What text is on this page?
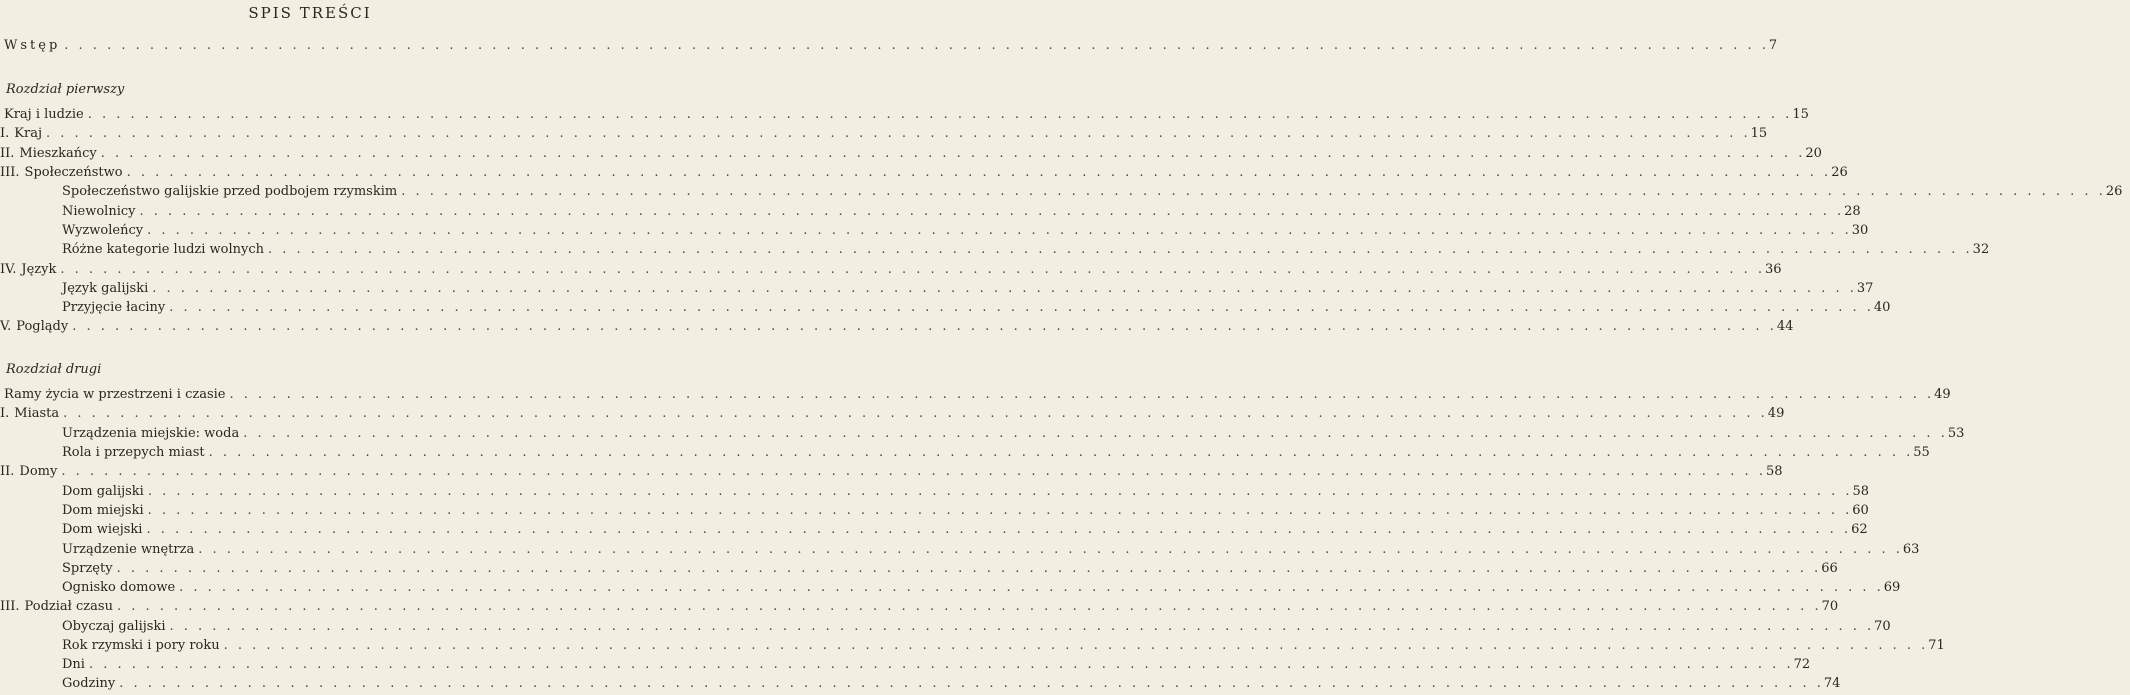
SPIS TREŚCI
Wstęp . . . . . . . . . . . . . . . . . . . . . . . . . . . . . . . . . . . . . . . . . . . . . . . . . . . . . . . . . . . . . . . . . . . . . . . . . . . . . . . . . . . . . . . . . . . . . . . . . . . . . . . . . . . . . . . . . . . . . . . . 7
Rozdział pierwszy
Kraj i ludzie . . . . . . . . . . . . . . . . . . . . . . . . . . . . . . . . . . . . . . . . . . . . . . . . . . . . . . . . . . . . . . . . . . . . . . . . . . . . . . . . . . . . . . . . . . . . . . . . . . . . . . . . . . . . . . . . . . . . . . . . 15
I. Kraj . . . . . . . . . . . . . . . . . . . . . . . . . . . . . . . . . . . . . . . . . . . . . . . . . . . . . . . . . . . . . . . . . . . . . . . . . . . . . . . . . . . . . . . . . . . . . . . . . . . . . . . . . . . . . . . . . . . . . . . . 15
II. Mieszkańcy . . . . . . . . . . . . . . . . . . . . . . . . . . . . . . . . . . . . . . . . . . . . . . . . . . . . . . . . . . . . . . . . . . . . . . . . . . . . . . . . . . . . . . . . . . . . . . . . . . . . . . . . . . . . . . . . . . . . . . . . 20
III. Społeczeństwo . . . . . . . . . . . . . . . . . . . . . . . . . . . . . . . . . . . . . . . . . . . . . . . . . . . . . . . . . . . . . . . . . . . . . . . . . . . . . . . . . . . . . . . . . . . . . . . . . . . . . . . . . . . . . . . . . . . . . . . . 26
Społeczeństwo galijskie przed podbojem rzymskim . . . . . . . . . . . . . . . . . . . . . . . . . . . . . . . . . . . . . . . . . . . . . . . . . . . . . . . . . . . . . . . . . . . . . . . . . . . . . . . . . . . . . . . . . . . . . . . . . . . . . . . . . . . . . . . . . . . . . . . . 26
Niewolnicy . . . . . . . . . . . . . . . . . . . . . . . . . . . . . . . . . . . . . . . . . . . . . . . . . . . . . . . . . . . . . . . . . . . . . . . . . . . . . . . . . . . . . . . . . . . . . . . . . . . . . . . . . . . . . . . . . . . . . . . . 28
Wyzwoleńcy . . . . . . . . . . . . . . . . . . . . . . . . . . . . . . . . . . . . . . . . . . . . . . . . . . . . . . . . . . . . . . . . . . . . . . . . . . . . . . . . . . . . . . . . . . . . . . . . . . . . . . . . . . . . . . . . . . . . . . . . 30
Różne kategorie ludzi wolnych . . . . . . . . . . . . . . . . . . . . . . . . . . . . . . . . . . . . . . . . . . . . . . . . . . . . . . . . . . . . . . . . . . . . . . . . . . . . . . . . . . . . . . . . . . . . . . . . . . . . . . . . . . . . . . . . . . . . . . . . 32
IV. Język . . . . . . . . . . . . . . . . . . . . . . . . . . . . . . . . . . . . . . . . . . . . . . . . . . . . . . . . . . . . . . . . . . . . . . . . . . . . . . . . . . . . . . . . . . . . . . . . . . . . . . . . . . . . . . . . . . . . . . . . 36
Język galijski . . . . . . . . . . . . . . . . . . . . . . . . . . . . . . . . . . . . . . . . . . . . . . . . . . . . . . . . . . . . . . . . . . . . . . . . . . . . . . . . . . . . . . . . . . . . . . . . . . . . . . . . . . . . . . . . . . . . . . . . 37
Przyjęcie łaciny . . . . . . . . . . . . . . . . . . . . . . . . . . . . . . . . . . . . . . . . . . . . . . . . . . . . . . . . . . . . . . . . . . . . . . . . . . . . . . . . . . . . . . . . . . . . . . . . . . . . . . . . . . . . . . . . . . . . . . . . 40
V. Poglądy . . . . . . . . . . . . . . . . . . . . . . . . . . . . . . . . . . . . . . . . . . . . . . . . . . . . . . . . . . . . . . . . . . . . . . . . . . . . . . . . . . . . . . . . . . . . . . . . . . . . . . . . . . . . . . . . . . . . . . . . 44
Rozdział drugi
Ramy życia w przestrzeni i czasie . . . . . . . . . . . . . . . . . . . . . . . . . . . . . . . . . . . . . . . . . . . . . . . . . . . . . . . . . . . . . . . . . . . . . . . . . . . . . . . . . . . . . . . . . . . . . . . . . . . . . . . . . . . . . . . . . . . . . . . . 49
I. Miasta . . . . . . . . . . . . . . . . . . . . . . . . . . . . . . . . . . . . . . . . . . . . . . . . . . . . . . . . . . . . . . . . . . . . . . . . . . . . . . . . . . . . . . . . . . . . . . . . . . . . . . . . . . . . . . . . . . . . . . . . 49
Urządzenia miejskie: woda . . . . . . . . . . . . . . . . . . . . . . . . . . . . . . . . . . . . . . . . . . . . . . . . . . . . . . . . . . . . . . . . . . . . . . . . . . . . . . . . . . . . . . . . . . . . . . . . . . . . . . . . . . . . . . . . . . . . . . . . 53
Rola i przepych miast . . . . . . . . . . . . . . . . . . . . . . . . . . . . . . . . . . . . . . . . . . . . . . . . . . . . . . . . . . . . . . . . . . . . . . . . . . . . . . . . . . . . . . . . . . . . . . . . . . . . . . . . . . . . . . . . . . . . . . . . 55
II. Domy . . . . . . . . . . . . . . . . . . . . . . . . . . . . . . . . . . . . . . . . . . . . . . . . . . . . . . . . . . . . . . . . . . . . . . . . . . . . . . . . . . . . . . . . . . . . . . . . . . . . . . . . . . . . . . . . . . . . . . . . 58
Dom galijski . . . . . . . . . . . . . . . . . . . . . . . . . . . . . . . . . . . . . . . . . . . . . . . . . . . . . . . . . . . . . . . . . . . . . . . . . . . . . . . . . . . . . . . . . . . . . . . . . . . . . . . . . . . . . . . . . . . . . . . . 58
Dom miejski . . . . . . . . . . . . . . . . . . . . . . . . . . . . . . . . . . . . . . . . . . . . . . . . . . . . . . . . . . . . . . . . . . . . . . . . . . . . . . . . . . . . . . . . . . . . . . . . . . . . . . . . . . . . . . . . . . . . . . . . 60
Dom wiejski . . . . . . . . . . . . . . . . . . . . . . . . . . . . . . . . . . . . . . . . . . . . . . . . . . . . . . . . . . . . . . . . . . . . . . . . . . . . . . . . . . . . . . . . . . . . . . . . . . . . . . . . . . . . . . . . . . . . . . . . 62
Urządzenie wnętrza . . . . . . . . . . . . . . . . . . . . . . . . . . . . . . . . . . . . . . . . . . . . . . . . . . . . . . . . . . . . . . . . . . . . . . . . . . . . . . . . . . . . . . . . . . . . . . . . . . . . . . . . . . . . . . . . . . . . . . . . 63
Sprzęty . . . . . . . . . . . . . . . . . . . . . . . . . . . . . . . . . . . . . . . . . . . . . . . . . . . . . . . . . . . . . . . . . . . . . . . . . . . . . . . . . . . . . . . . . . . . . . . . . . . . . . . . . . . . . . . . . . . . . . . . 66
Ognisko domowe . . . . . . . . . . . . . . . . . . . . . . . . . . . . . . . . . . . . . . . . . . . . . . . . . . . . . . . . . . . . . . . . . . . . . . . . . . . . . . . . . . . . . . . . . . . . . . . . . . . . . . . . . . . . . . . . . . . . . . . . 69
III. Podział czasu . . . . . . . . . . . . . . . . . . . . . . . . . . . . . . . . . . . . . . . . . . . . . . . . . . . . . . . . . . . . . . . . . . . . . . . . . . . . . . . . . . . . . . . . . . . . . . . . . . . . . . . . . . . . . . . . . . . . . . . . 70
Obyczaj galijski . . . . . . . . . . . . . . . . . . . . . . . . . . . . . . . . . . . . . . . . . . . . . . . . . . . . . . . . . . . . . . . . . . . . . . . . . . . . . . . . . . . . . . . . . . . . . . . . . . . . . . . . . . . . . . . . . . . . . . . . 70
Rok rzymski i pory roku . . . . . . . . . . . . . . . . . . . . . . . . . . . . . . . . . . . . . . . . . . . . . . . . . . . . . . . . . . . . . . . . . . . . . . . . . . . . . . . . . . . . . . . . . . . . . . . . . . . . . . . . . . . . . . . . . . . . . . . . 71
Dni . . . . . . . . . . . . . . . . . . . . . . . . . . . . . . . . . . . . . . . . . . . . . . . . . . . . . . . . . . . . . . . . . . . . . . . . . . . . . . . . . . . . . . . . . . . . . . . . . . . . . . . . . . . . . . . . . . . . . . . . 72
Godziny . . . . . . . . . . . . . . . . . . . . . . . . . . . . . . . . . . . . . . . . . . . . . . . . . . . . . . . . . . . . . . . . . . . . . . . . . . . . . . . . . . . . . . . . . . . . . . . . . . . . . . . . . . . . . . . . . . . . . . . . 74
